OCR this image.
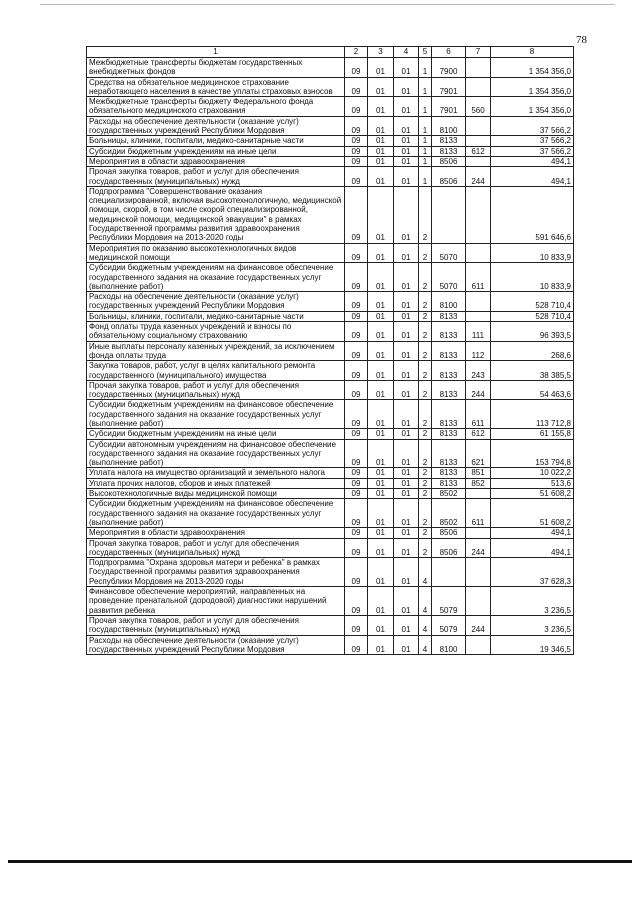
78
1	2	3	4	5	6	7	8
Межбюджетные трансферты бюджетам государственных внебюджетных фондов	09	01	01	1	7900		1 354 356,0
Средства на обязательное медицинское страхование неработающего населения в качестве уплаты страховых взносов	09	01	01	1	7901		1 354 356,0
Межбюджетные трансферты бюджету Федерального фонда обязательного медицинского страхования	09	01	01	1	7901	560	1 354 356,0
Расходы на обеспечение деятельности (оказание услуг) государственных учреждений Республики Мордовия	09	01	01	1	8100		37 566,2
Больницы, клиники, госпитали, медико-санитарные части	09	01	01	1	8133		37 566,2
Субсидии бюджетным учреждениям на иные цели	09	01	01	1	8133	612	37 566,2
Мероприятия в области здравоохранения	09	01	01	1	8506		494,1
Прочая закупка товаров, работ и услуг для обеспечения государственных (муниципальных) нужд	09	01	01	1	8506	244	494,1
Подпрограмма "Совершенствование оказания специализированной, включая высокотехнологичную, медицинской помощи, скорой, в том числе скорой специализированной, медицинской помощи, медицинской эвакуации" в рамках Государственной программы развития здравоохранения Республики Мордовия на 2013-2020 годы	09	01	01	2			591 646,6
Мероприятия по оказанию высокотехнологичных видов медицинской помощи	09	01	01	2	5070		10 833,9
Субсидии бюджетным учреждениям на финансовое обеспечение государственного задания на оказание государственных услуг (выполнение работ)	09	01	01	2	5070	611	10 833,9
Расходы на обеспечение деятельности (оказание услуг) государственных учреждений Республики Мордовия	09	01	01	2	8100		528 710,4
Больницы, клиники, госпитали, медико-санитарные части	09	01	01	2	8133		528 710,4
Фонд оплаты труда казенных учреждений и взносы по обязательному социальному страхованию	09	01	01	2	8133	111	96 393,5
Иные выплаты персоналу казенных учреждений, за исключением фонда оплаты труда	09	01	01	2	8133	112	268,6
Закупка товаров, работ, услуг в целях капитального ремонта государственного (муниципального) имущества	09	01	01	2	8133	243	38 385,5
Прочая закупка товаров, работ и услуг для обеспечения государственных (муниципальных) нужд	09	01	01	2	8133	244	54 463,6
Субсидии бюджетным учреждениям на финансовое обеспечение государственного задания на оказание государственных услуг (выполнение работ)	09	01	01	2	8133	611	113 712,8
Субсидии бюджетным учреждениям на иные цели	09	01	01	2	8133	612	61 155,8
Субсидии автономным учреждениям на финансовое обеспечение государственного задания на оказание государственных услуг (выполнение работ)	09	01	01	2	8133	621	153 794,8
Уплата налога на имущество организаций и земельного налога	09	01	01	2	8133	851	10 022,2
Уплата прочих налогов, сборов и иных платежей	09	01	01	2	8133	852	513,6
Высокотехнологичные виды медицинской помощи	09	01	01	2	8502		51 608,2
Субсидии бюджетным учреждениям на финансовое обеспечение государственного задания на оказание государственных услуг (выполнение работ)	09	01	01	2	8502	611	51 608,2
Мероприятия в области здравоохранения	09	01	01	2	8506		494,1
Прочая закупка товаров, работ и услуг для обеспечения государственных (муниципальных) нужд	09	01	01	2	8506	244	494,1
Подпрограмма "Охрана здоровья матери и ребенка" в рамках Государственной программы развития здравоохранения Республики Мордовия на 2013-2020 годы	09	01	01	4			37 628,3
Финансовое обеспечение мероприятий, направленных на проведение пренатальной (дородовой) диагностики нарушений развития ребенка	09	01	01	4	5079		3 236,5
Прочая закупка товаров, работ и услуг для обеспечения государственных (муниципальных) нужд	09	01	01	4	5079	244	3 236,5
Расходы на обеспечение деятельности (оказание услуг) государственных учреждений Республики Мордовия	09	01	01	4	8100		19 346,5
